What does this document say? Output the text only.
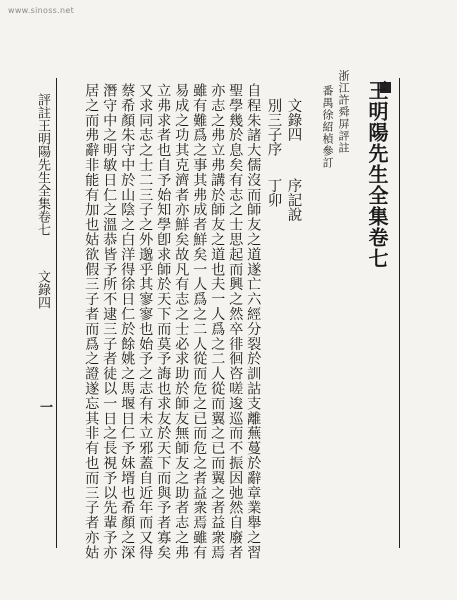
www.sinoss.net
王明陽先生全集卷七
浙江許舜屏評註
番禺徐紹楨參訂
文錄四
序記說
別三子序
丁卯
自程朱諸大儒沒而師友之道遂亡六經分裂於訓詁支離蕪蔓於辭章業舉之習
聖學幾於息矣有志之士思起而興之然卒徘徊咨嗟逡巡而不振因弛然自廢者
亦志之弗立弗講於師友之道也夫一人爲之二人從而翼之已而翼之者益衆焉
雖有難爲之事其弗成者鮮矣一人爲之二人從而危之已而危之者益衆焉雖有
易成之功其克濟者亦鮮矣故凡有志之士必求助於師友無師友之助者志之弗
立弗求者也自予始知學卽求師於天下而莫予誨也求友於天下而與予者寡矣
又求同志之士二三子之外邈乎其寥寥也始予之志有未立邪蓋自近年而又得
蔡希顏朱守中於山陰之白洋得徐日仁於餘姚之馬堰日仁予妹壻也希顏之深
潛守中之明敏日仁之溫恭皆予所不逮三子者徒以一日之長視予以先輩予亦
居之而弗辭非能有加也姑欲假三子者而爲之證遂忘其非有也而三子者亦姑
評註王明陽先生全集卷七
文錄四
一
